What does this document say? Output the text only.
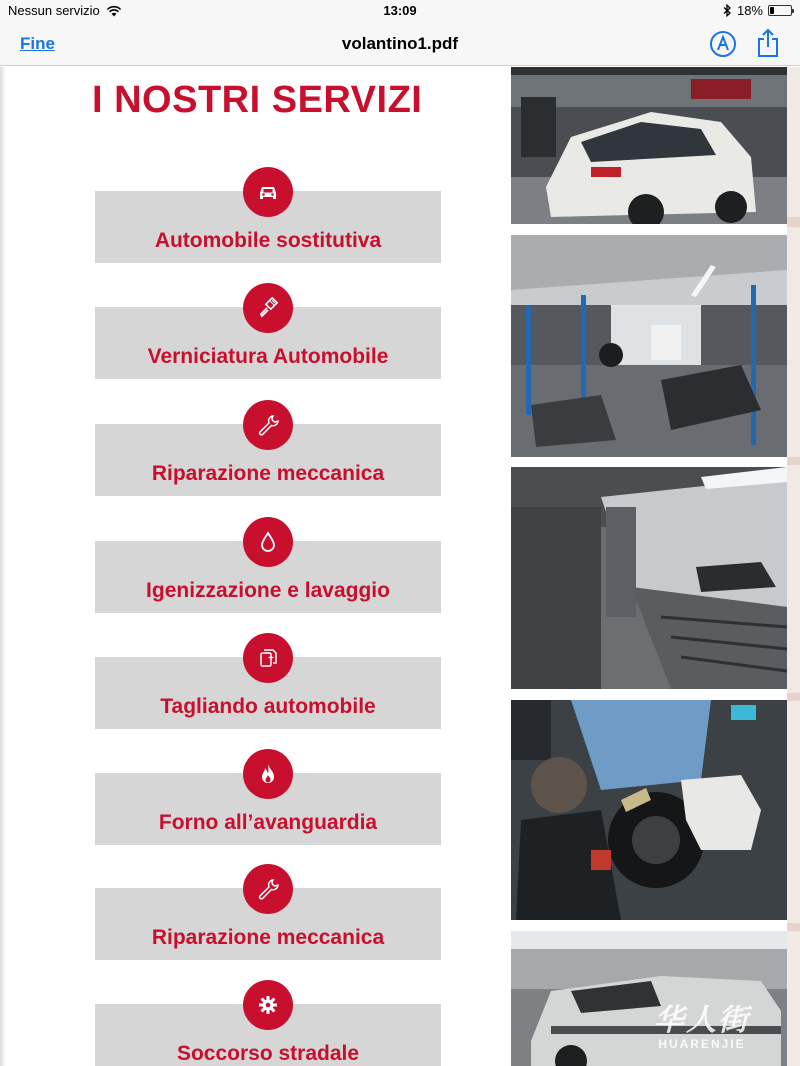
Nessun servizio	13:09	18%
Fine	volantino1.pdf
I NOSTRI SERVIZI
Automobile sostitutiva
Verniciatura Automobile
Riparazione meccanica
Igenizzazione e lavaggio
Tagliando automobile
Forno all’avanguardia
Riparazione meccanica
Soccorso stradale
华人街
HUARENJIE
